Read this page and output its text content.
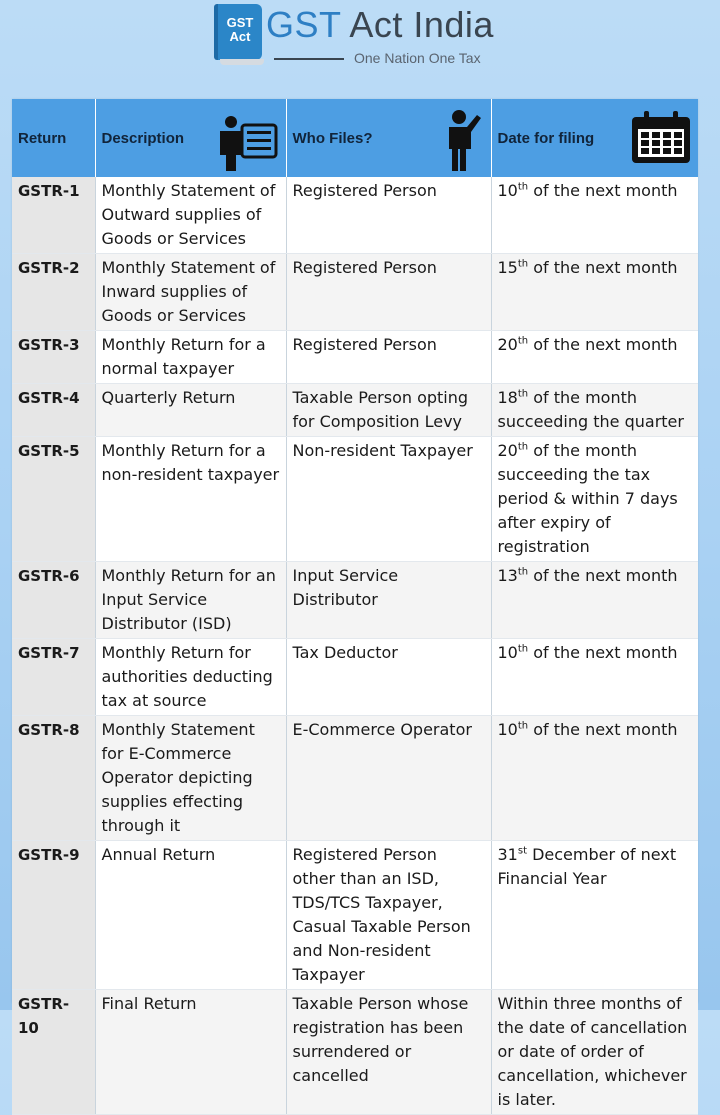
GST
Act GST Act India
One Nation One Tax
Return	Description	Who Files?	Date for filing

GSTR-1	Monthly Statement of Outward supplies of Goods or Services	Registered Person	10th of the next month
GSTR-2	Monthly Statement of Inward supplies of Goods or Services	Registered Person	15th of the next month
GSTR-3	Monthly Return for a normal taxpayer	Registered Person	20th of the next month
GSTR-4	Quarterly Return	Taxable Person opting for Composition Levy	18th of the month succeeding the quarter
GSTR-5	Monthly Return for a non-resident taxpayer	Non-resident Taxpayer	20th of the month succeeding the tax period & within 7 days after expiry of registration
GSTR-6	Monthly Return for an Input Service Distributor (ISD)	Input Service Distributor	13th of the next month
GSTR-7	Monthly Return for authorities deducting tax at source	Tax Deductor	10th of the next month
GSTR-8	Monthly Statement for E-Commerce Operator depicting supplies effecting through it	E-Commerce Operator	10th of the next month
GSTR-9	Annual Return	Registered Person other than an ISD, TDS/TCS Taxpayer, Casual Taxable Person and Non-resident Taxpayer	31st December of next Financial Year
GSTR-10	Final Return	Taxable Person whose registration has been surrendered or cancelled	Within three months of the date of cancellation or date of order of cancellation, whichever is later.
